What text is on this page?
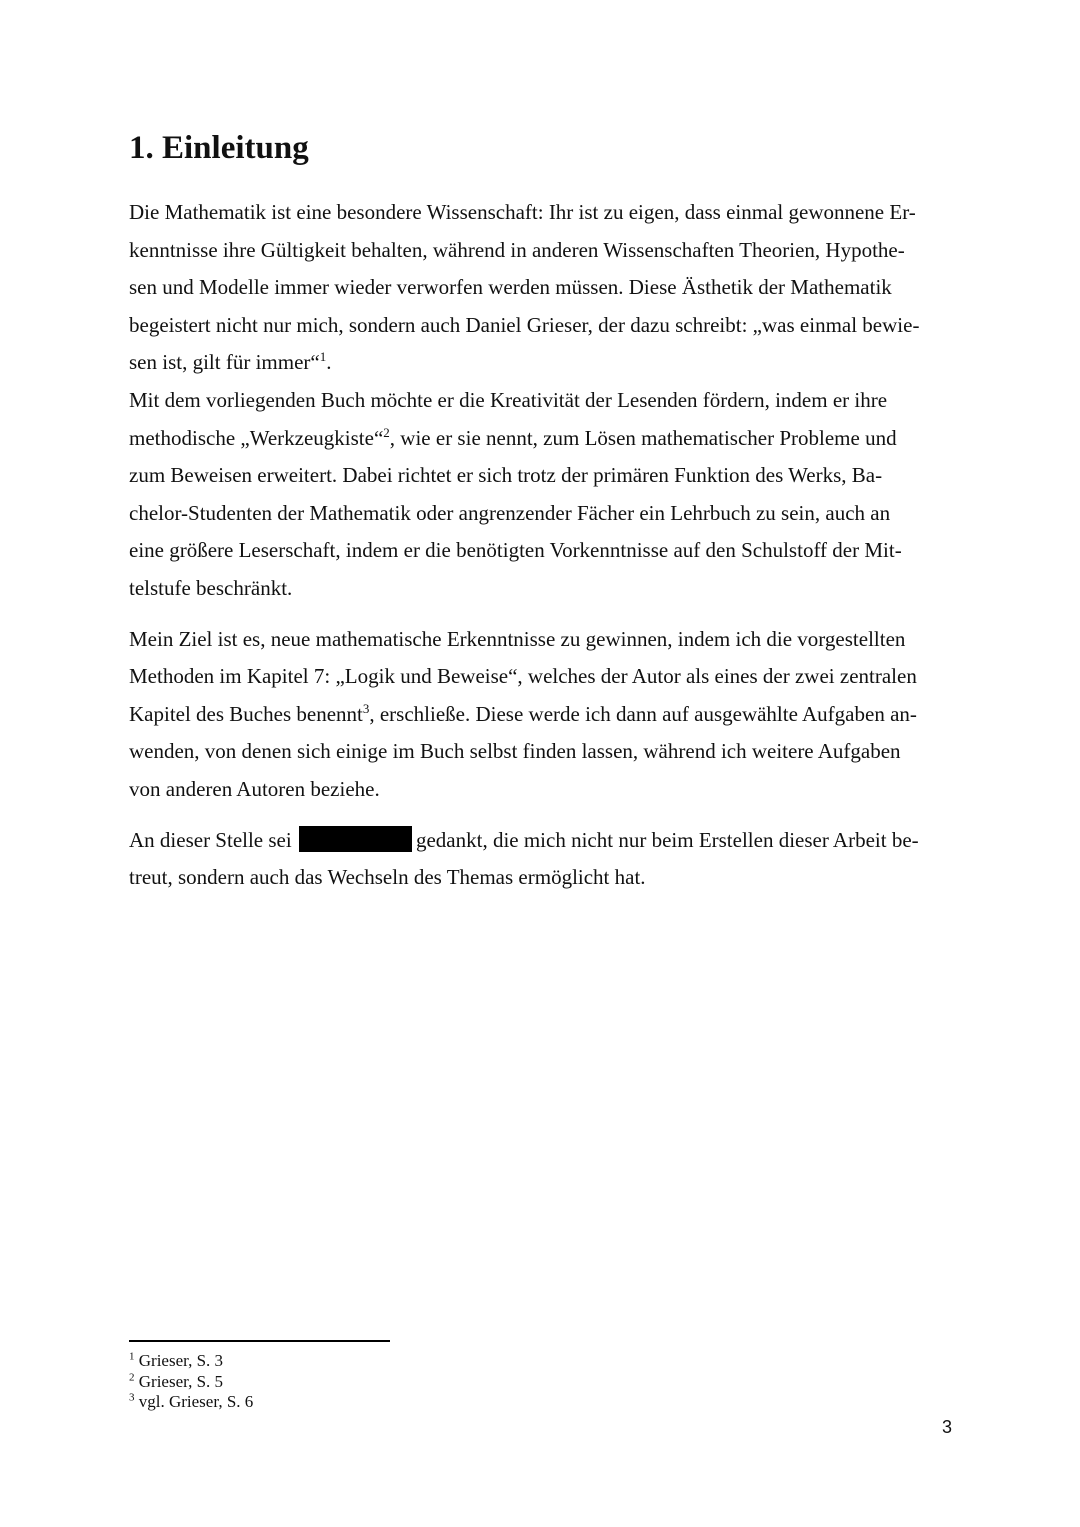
1. Einleitung
Die Mathematik ist eine besondere Wissenschaft: Ihr ist zu eigen, dass einmal gewonnene Er-
kenntnisse ihre Gültigkeit behalten, während in anderen Wissenschaften Theorien, Hypothe-
sen und Modelle immer wieder verworfen werden müssen. Diese Ästhetik der Mathematik
begeistert nicht nur mich, sondern auch Daniel Grieser, der dazu schreibt: „was einmal bewie-
sen ist, gilt für immer“$^1$.
Mit dem vorliegenden Buch möchte er die Kreativität der Lesenden fördern, indem er ihre
methodische „Werkzeugkiste“$^2$, wie er sie nennt, zum Lösen mathematischer Probleme und
zum Beweisen erweitert. Dabei richtet er sich trotz der primären Funktion des Werks, Ba-
chelor-Studenten der Mathematik oder angrenzender Fächer ein Lehrbuch zu sein, auch an
eine größere Leserschaft, indem er die benötigten Vorkenntnisse auf den Schulstoff der Mit-
telstufe beschränkt.
Mein Ziel ist es, neue mathematische Erkenntnisse zu gewinnen, indem ich die vorgestellten
Methoden im Kapitel 7: „Logik und Beweise“, welches der Autor als eines der zwei zentralen
Kapitel des Buches benennt$^3$, erschließe. Diese werde ich dann auf ausgewählte Aufgaben an-
wenden, von denen sich einige im Buch selbst finden lassen, während ich weitere Aufgaben
von anderen Autoren beziehe.
An dieser Stelle sei	gedankt, die mich nicht nur beim Erstellen dieser Arbeit be-
treut, sondern auch das Wechseln des Themas ermöglicht hat.
$^1$ Grieser, S. 3
$^2$ Grieser, S. 5
$^3$ vgl. Grieser, S. 6
3
